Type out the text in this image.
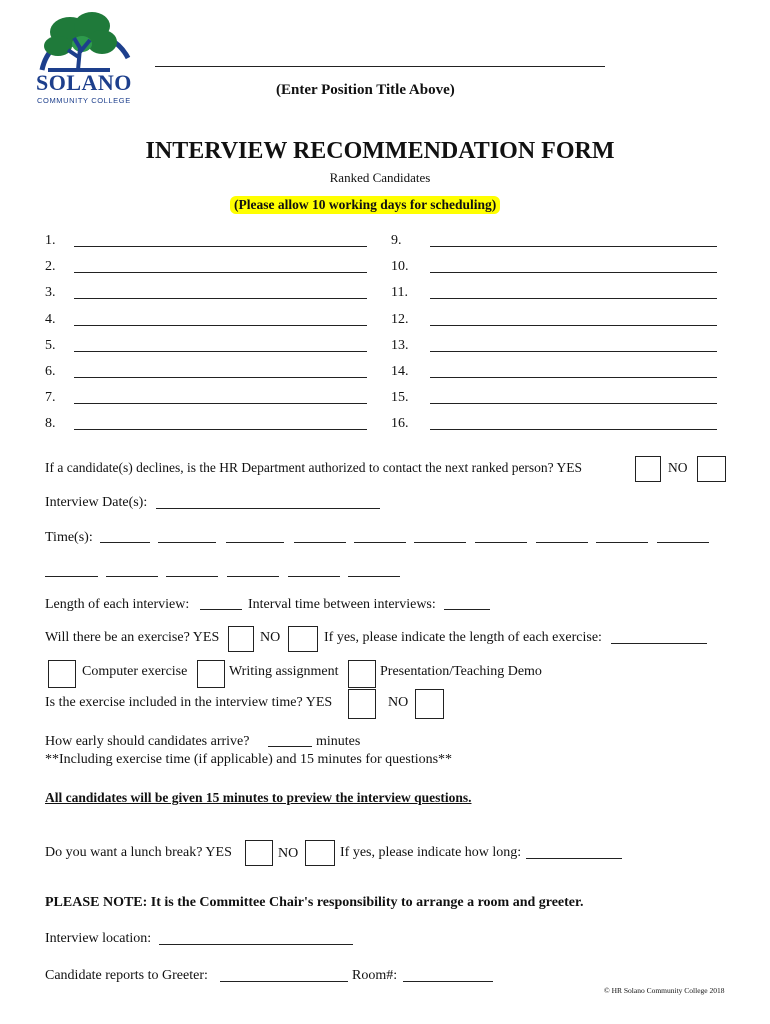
SOLANO
COMMUNITY COLLEGE
(Enter Position Title Above)
INTERVIEW RECOMMENDATION FORM
Ranked Candidates
(Please allow 10 working days for scheduling)
1.
2.
3.
4.
5.
6.
7.
8.
9.
10.
11.
12.
13.
14.
15.
16.
If a candidate(s) declines, is the HR Department authorized to contact the next ranked person? YES	NO
Interview Date(s):
Time(s):
Length of each interview:	Interval time between interviews:
Will there be an exercise? YES	NO	If yes, please indicate the length of each exercise:
Computer exercise	Writing assignment	Presentation/Teaching Demo
Is the exercise included in the interview time? YES	NO
How early should candidates arrive?	minutes
**Including exercise time (if applicable) and 15 minutes for questions**
All candidates will be given 15 minutes to preview the interview questions.
Do you want a lunch break? YES	NO	If yes, please indicate how long:
PLEASE NOTE: It is the Committee Chair's responsibility to arrange a room and greeter.
Interview location:
Candidate reports to Greeter:	Room#:
© HR Solano Community College 2018
